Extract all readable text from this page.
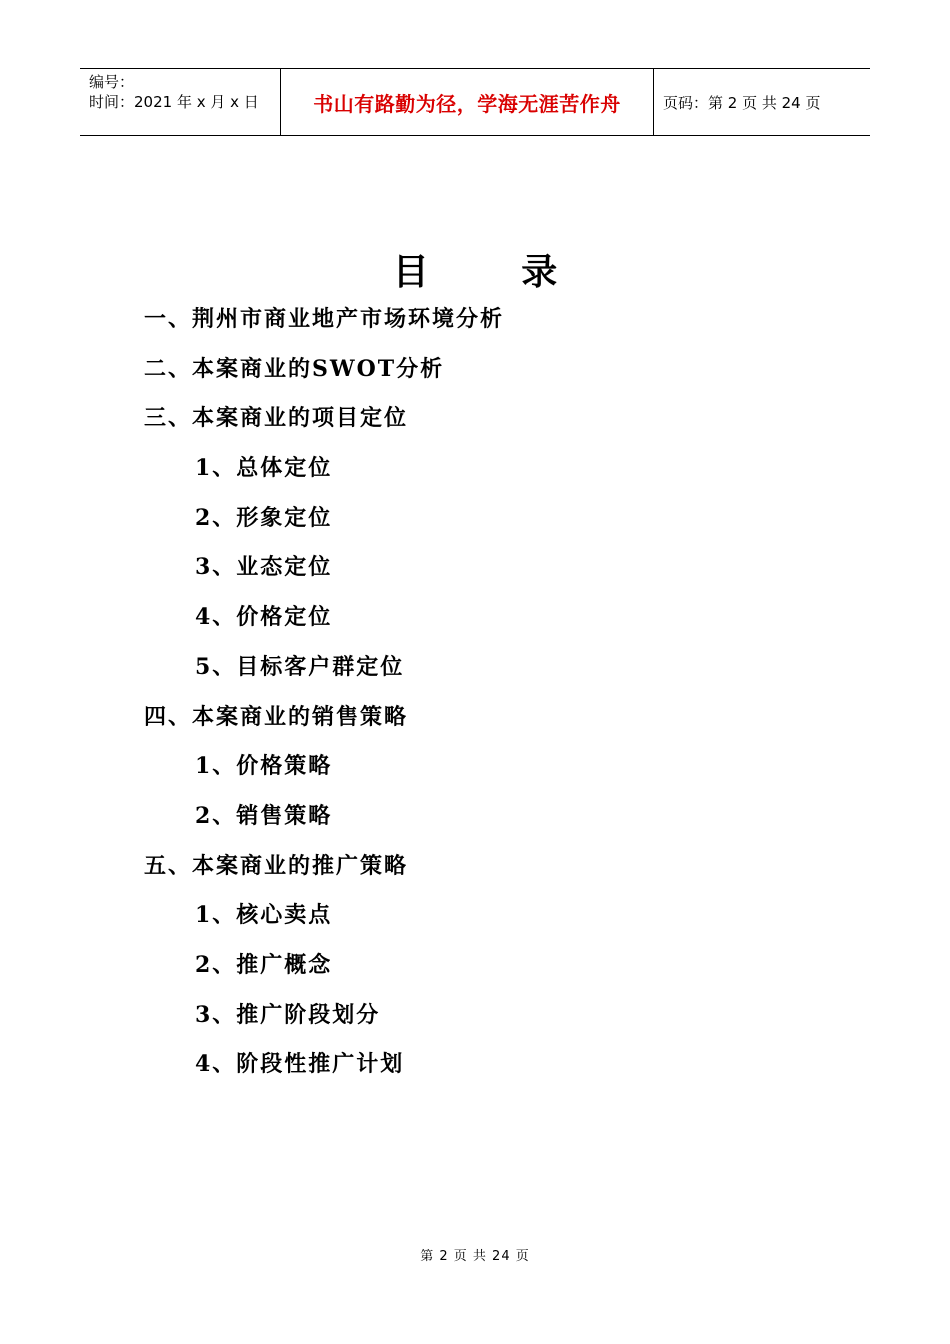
编号：
时间：2021 年 x 月 x 日	书山有路勤为径，学海无涯苦作舟	页码：第 2 页 共 24 页
目 录
一、荆州市商业地产市场环境分析
二、本案商业的SWOT分析
三、本案商业的项目定位
1、总体定位
2、形象定位
3、业态定位
4、价格定位
5、目标客户群定位
四、本案商业的销售策略
1、价格策略
2、销售策略
五、本案商业的推广策略
1、核心卖点
2、推广概念
3、推广阶段划分
4、阶段性推广计划
第 2 页 共 24 页
